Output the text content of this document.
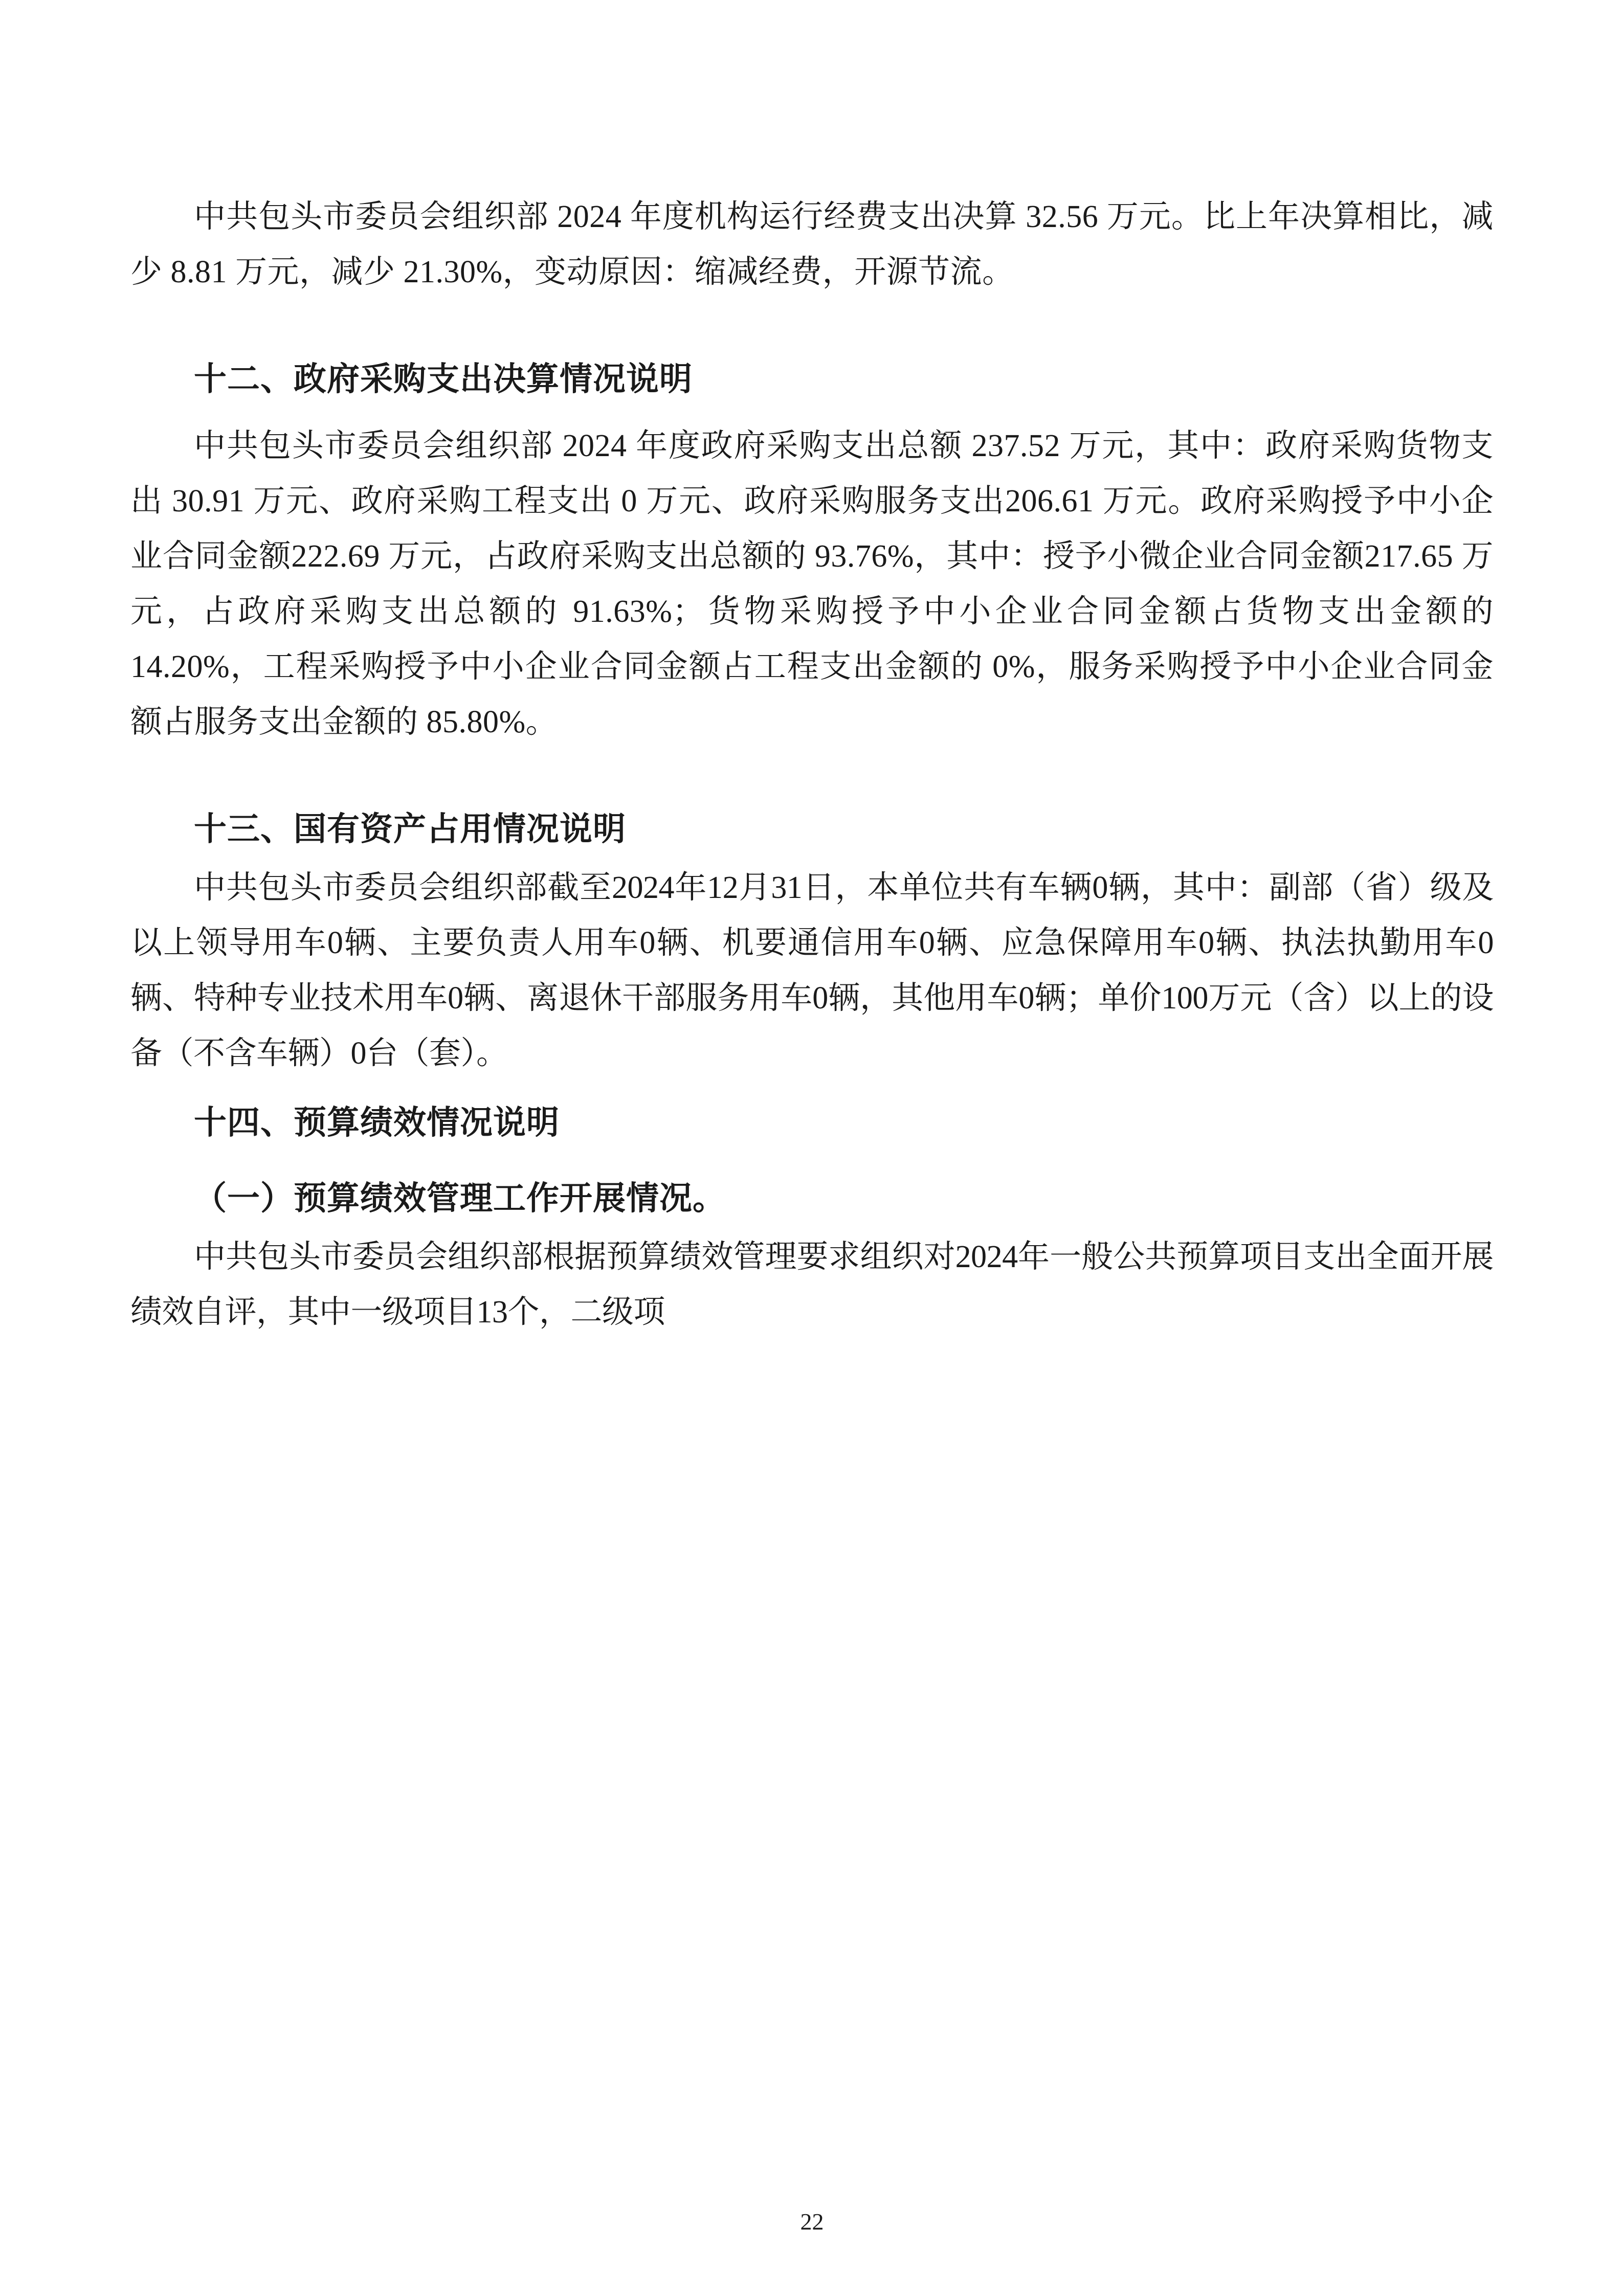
中共包头市委员会组织部 2024 年度机构运行经费支出决算 32.56 万元。比上年决算相比，减少 8.81 万元，减少 21.30%，变动原因：缩减经费，开源节流。

十二、政府采购支出决算情况说明

中共包头市委员会组织部 2024 年度政府采购支出总额 237.52 万元，其中：政府采购货物支出 30.91 万元、政府采购工程支出 0 万元、政府采购服务支出206.61 万元。政府采购授予中小企业合同金额222.69 万元，占政府采购支出总额的 93.76%，其中：授予小微企业合同金额217.65 万元，占政府采购支出总额的 91.63%；货物采购授予中小企业合同金额占货物支出金额的 14.20%，工程采购授予中小企业合同金额占工程支出金额的 0%，服务采购授予中小企业合同金额占服务支出金额的 85.80%。

十三、国有资产占用情况说明

中共包头市委员会组织部截至2024年12月31日，本单位共有车辆0辆，其中：副部（省）级及以上领导用车0辆、主要负责人用车0辆、机要通信用车0辆、应急保障用车0辆、执法执勤用车0辆、特种专业技术用车0辆、离退休干部服务用车0辆，其他用车0辆；单价100万元（含）以上的设备（不含车辆）0台（套）。

十四、预算绩效情况说明
（一）预算绩效管理工作开展情况。

中共包头市委员会组织部根据预算绩效管理要求组织对2024年一般公共预算项目支出全面开展绩效自评，其中一级项目13个，二级项

22
